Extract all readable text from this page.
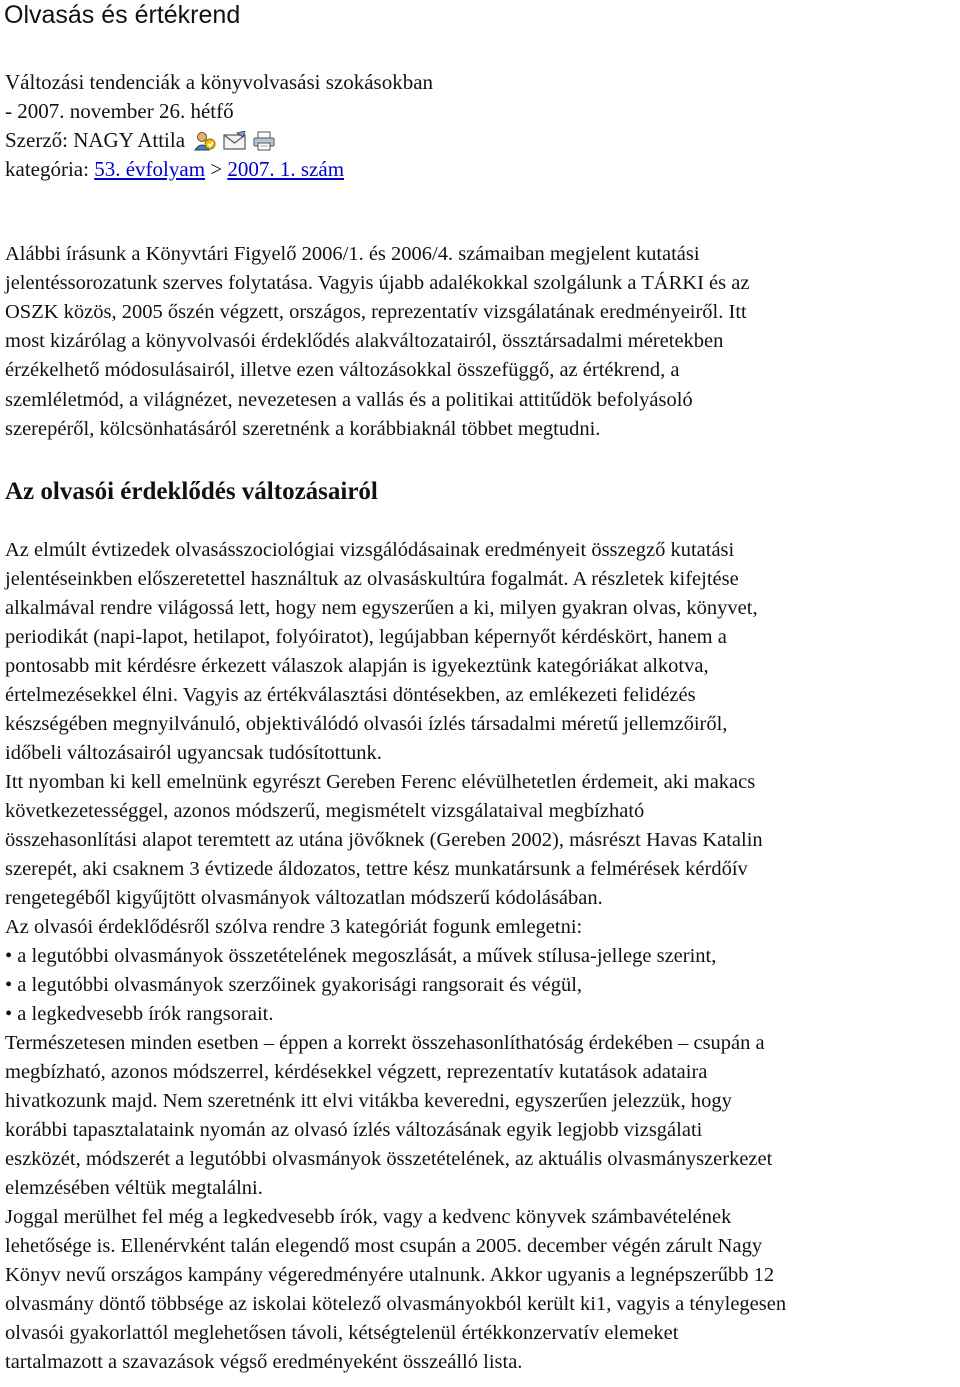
Olvasás és értékrend
Változási tendenciák a könyvolvasási szokásokban
- 2007. november 26. hétfő
Szerző: NAGY Attila
kategória: 53. évfolyam > 2007. 1. szám
Alábbi írásunk a Könyvtári Figyelő 2006/1. és 2006/4. számaiban megjelent kutatási
jelentéssorozatunk szerves folytatása. Vagyis újabb adalékokkal szolgálunk a TÁRKI és az
OSZK közös, 2005 őszén végzett, országos, reprezentatív vizsgálatának eredményeiről. Itt
most kizárólag a könyvolvasói érdeklődés alakváltozatairól, össztársadalmi méretekben
érzékelhető módosulásairól, illetve ezen változásokkal összefüggő, az értékrend, a
szemléletmód, a világnézet, nevezetesen a vallás és a politikai attitűdök befolyásoló
szerepéről, kölcsönhatásáról szeretnénk a korábbiaknál többet megtudni.
Az olvasói érdeklődés változásairól
Az elmúlt évtizedek olvasásszociológiai vizsgálódásainak eredményeit összegző kutatási
jelentéseinkben előszeretettel használtuk az olvasáskultúra fogalmát. A részletek kifejtése
alkalmával rendre világossá lett, hogy nem egyszerűen a ki, milyen gyakran olvas, könyvet,
periodikát (napi-lapot, hetilapot, folyóiratot), legújabban képernyőt kérdéskört, hanem a
pontosabb mit kérdésre érkezett válaszok alapján is igyekeztünk kategóriákat alkotva,
értelmezésekkel élni. Vagyis az értékválasztási döntésekben, az emlékezeti felidézés
készségében megnyilvánuló, objektiválódó olvasói ízlés társadalmi méretű jellemzőiről,
időbeli változásairól ugyancsak tudósítottunk.
Itt nyomban ki kell emelnünk egyrészt Gereben Ferenc elévülhetetlen érdemeit, aki makacs
következetességgel, azonos módszerű, megismételt vizsgálataival megbízható
összehasonlítási alapot teremtett az utána jövőknek (Gereben 2002), másrészt Havas Katalin
szerepét, aki csaknem 3 évtizede áldozatos, tettre kész munkatársunk a felmérések kérdőív
rengetegéből kigyűjtött olvasmányok változatlan módszerű kódolásában.
Az olvasói érdeklődésről szólva rendre 3 kategóriát fogunk emlegetni:
• a legutóbbi olvasmányok összetételének megoszlását, a művek stílusa-jellege szerint,
• a legutóbbi olvasmányok szerzőinek gyakorisági rangsorait és végül,
• a legkedvesebb írók rangsorait.
Természetesen minden esetben – éppen a korrekt összehasonlíthatóság érdekében – csupán a
megbízható, azonos módszerrel, kérdésekkel végzett, reprezentatív kutatások adataira
hivatkozunk majd. Nem szeretnénk itt elvi vitákba keveredni, egyszerűen jelezzük, hogy
korábbi tapasztalataink nyomán az olvasó ízlés változásának egyik legjobb vizsgálati
eszközét, módszerét a legutóbbi olvasmányok összetételének, az aktuális olvasmányszerkezet
elemzésében véltük megtalálni.
Joggal merülhet fel még a legkedvesebb írók, vagy a kedvenc könyvek számbavételének
lehetősége is. Ellenérvként talán elegendő most csupán a 2005. december végén zárult Nagy
Könyv nevű országos kampány végeredményére utalnunk. Akkor ugyanis a legnépszerűbb 12
olvasmány döntő többsége az iskolai kötelező olvasmányokból került ki1, vagyis a ténylegesen
olvasói gyakorlattól meglehetősen távoli, kétségtelenül értékkonzervatív elemeket
tartalmazott a szavazások végső eredményeként összeálló lista.
